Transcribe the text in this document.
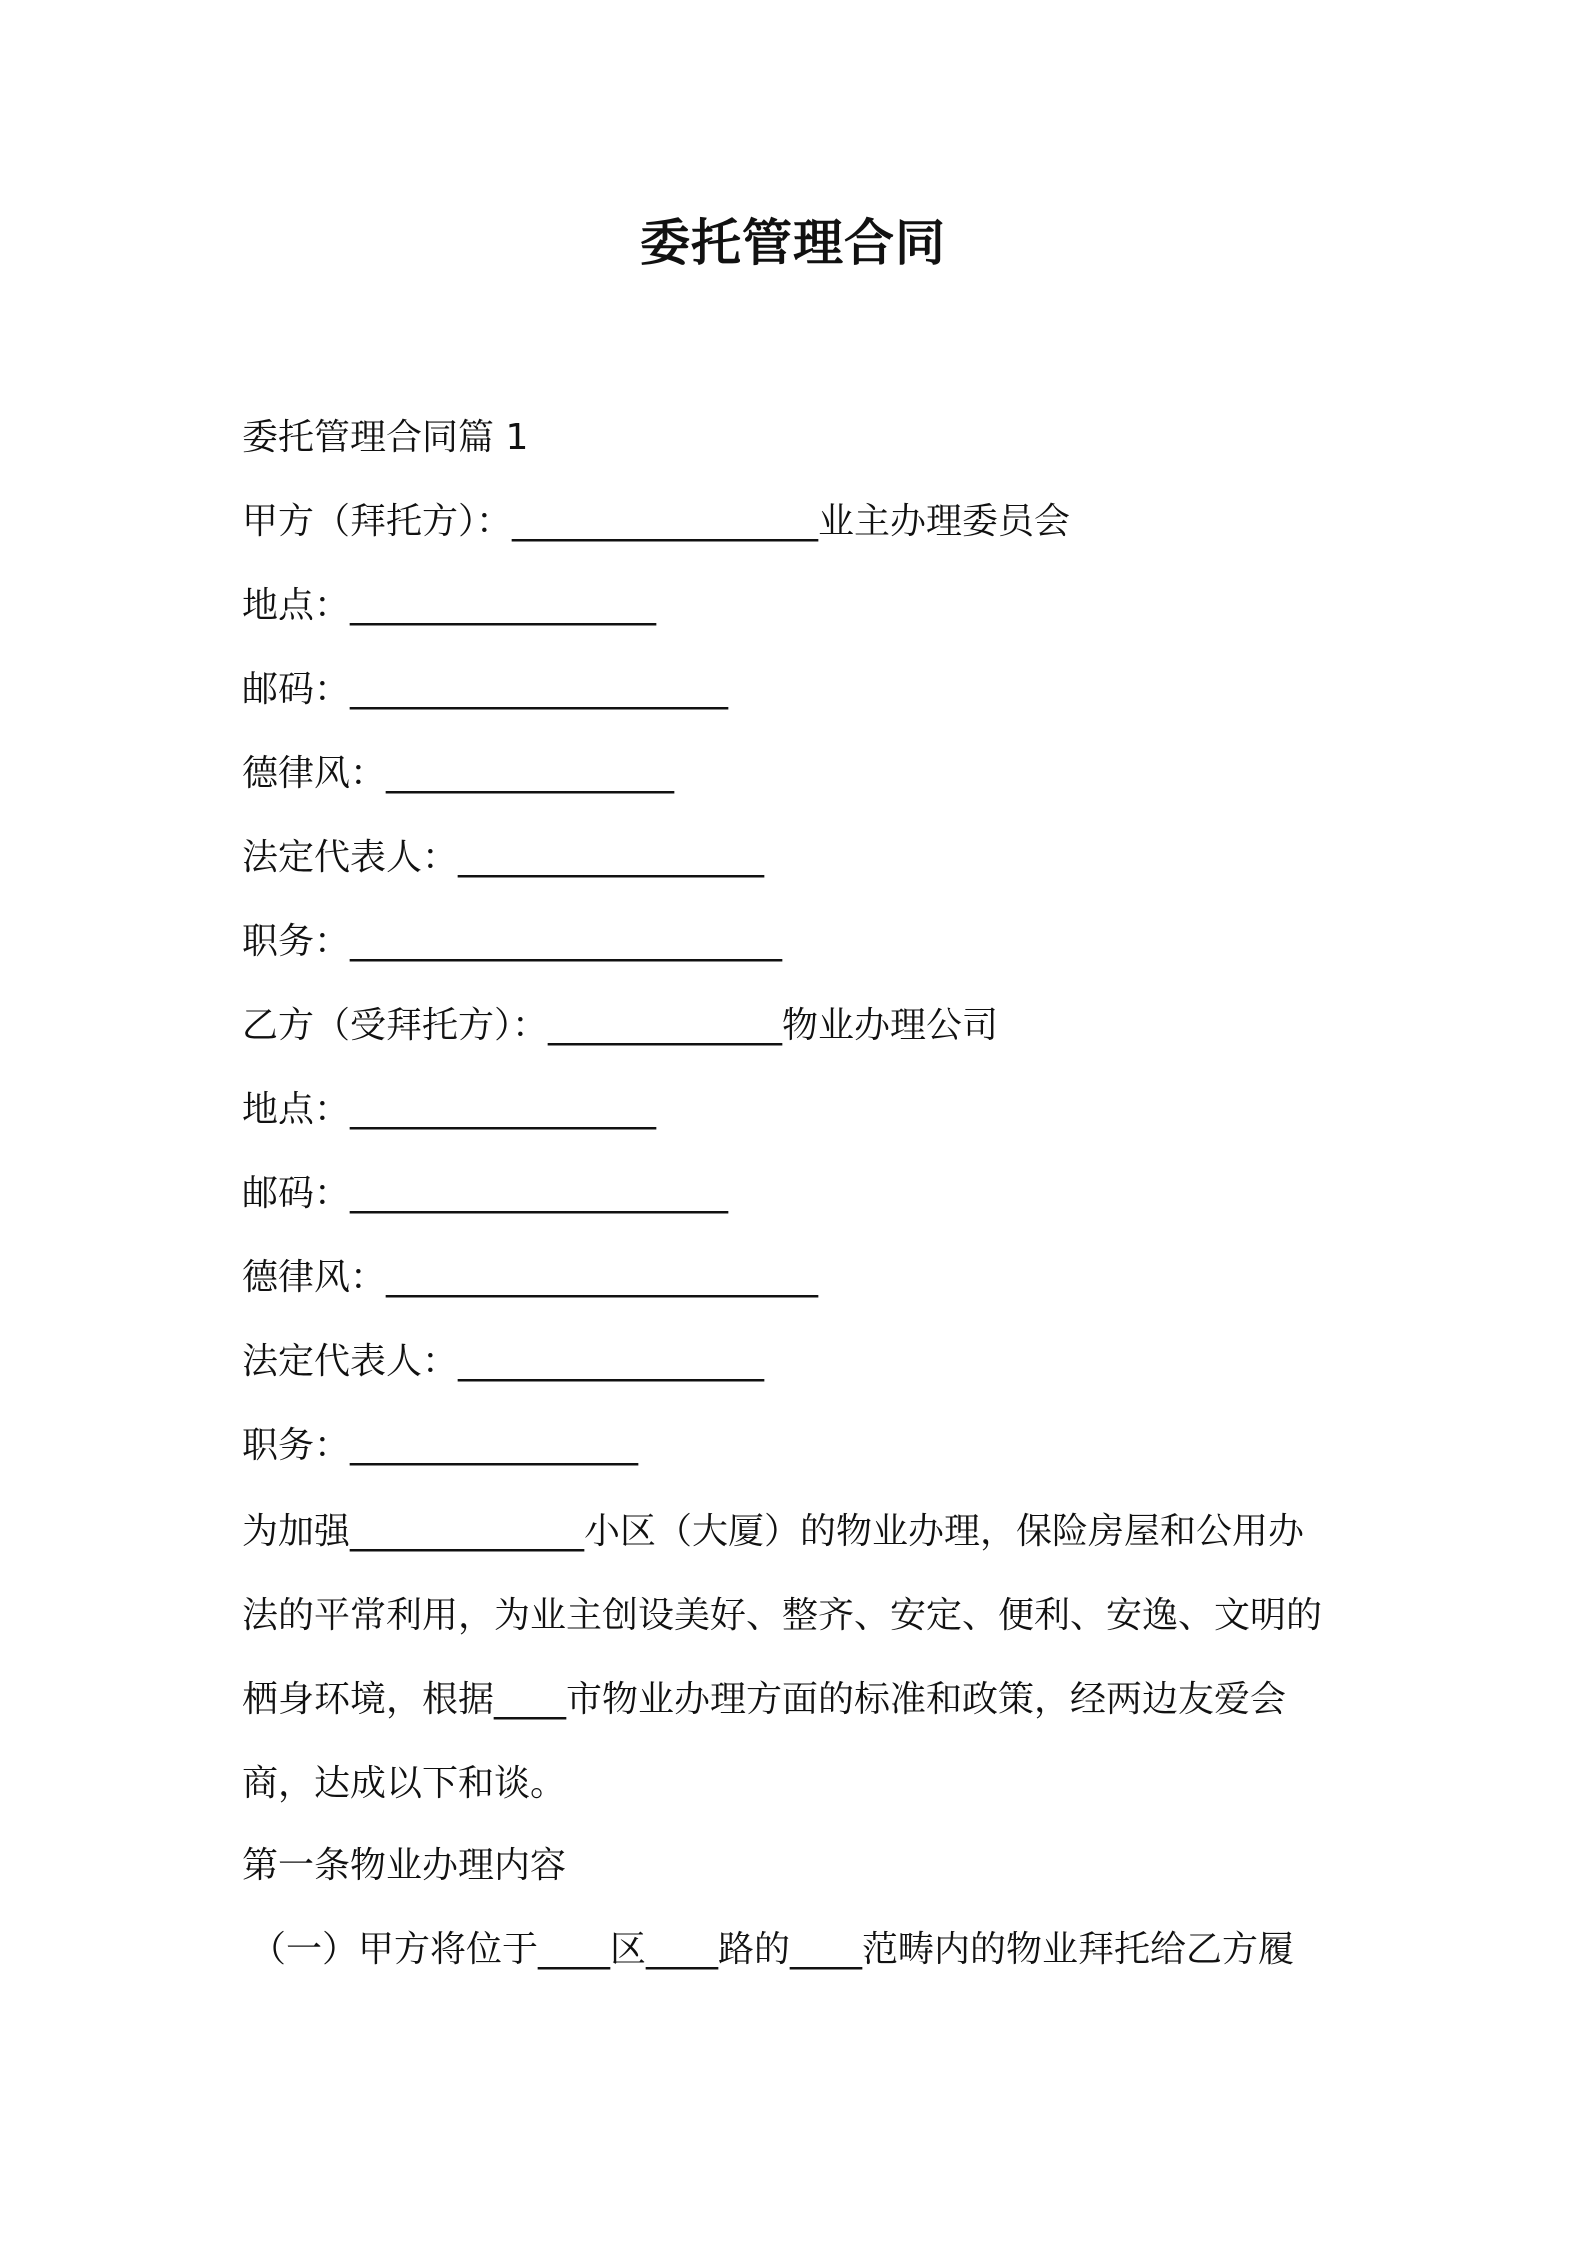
委托管理合同
委托管理合同篇 1
甲方（拜托方）：_________________业主办理委员会
地点：_________________
邮码：_____________________
德律风：________________
法定代表人：_________________
职务：________________________
乙方（受拜托方）：_____________物业办理公司
地点：_________________
邮码：_____________________
德律风：________________________
法定代表人：_________________
职务：________________
为加强_____________小区（大厦）的物业办理，保险房屋和公用办
法的平常利用，为业主创设美好、整齐、安定、便利、安逸、文明的
栖身环境，根据____市物业办理方面的标准和政策，经两边友爱会
商，达成以下和谈。
第一条物业办理内容
（一）甲方将位于____区____路的____范畴内的物业拜托给乙方履
